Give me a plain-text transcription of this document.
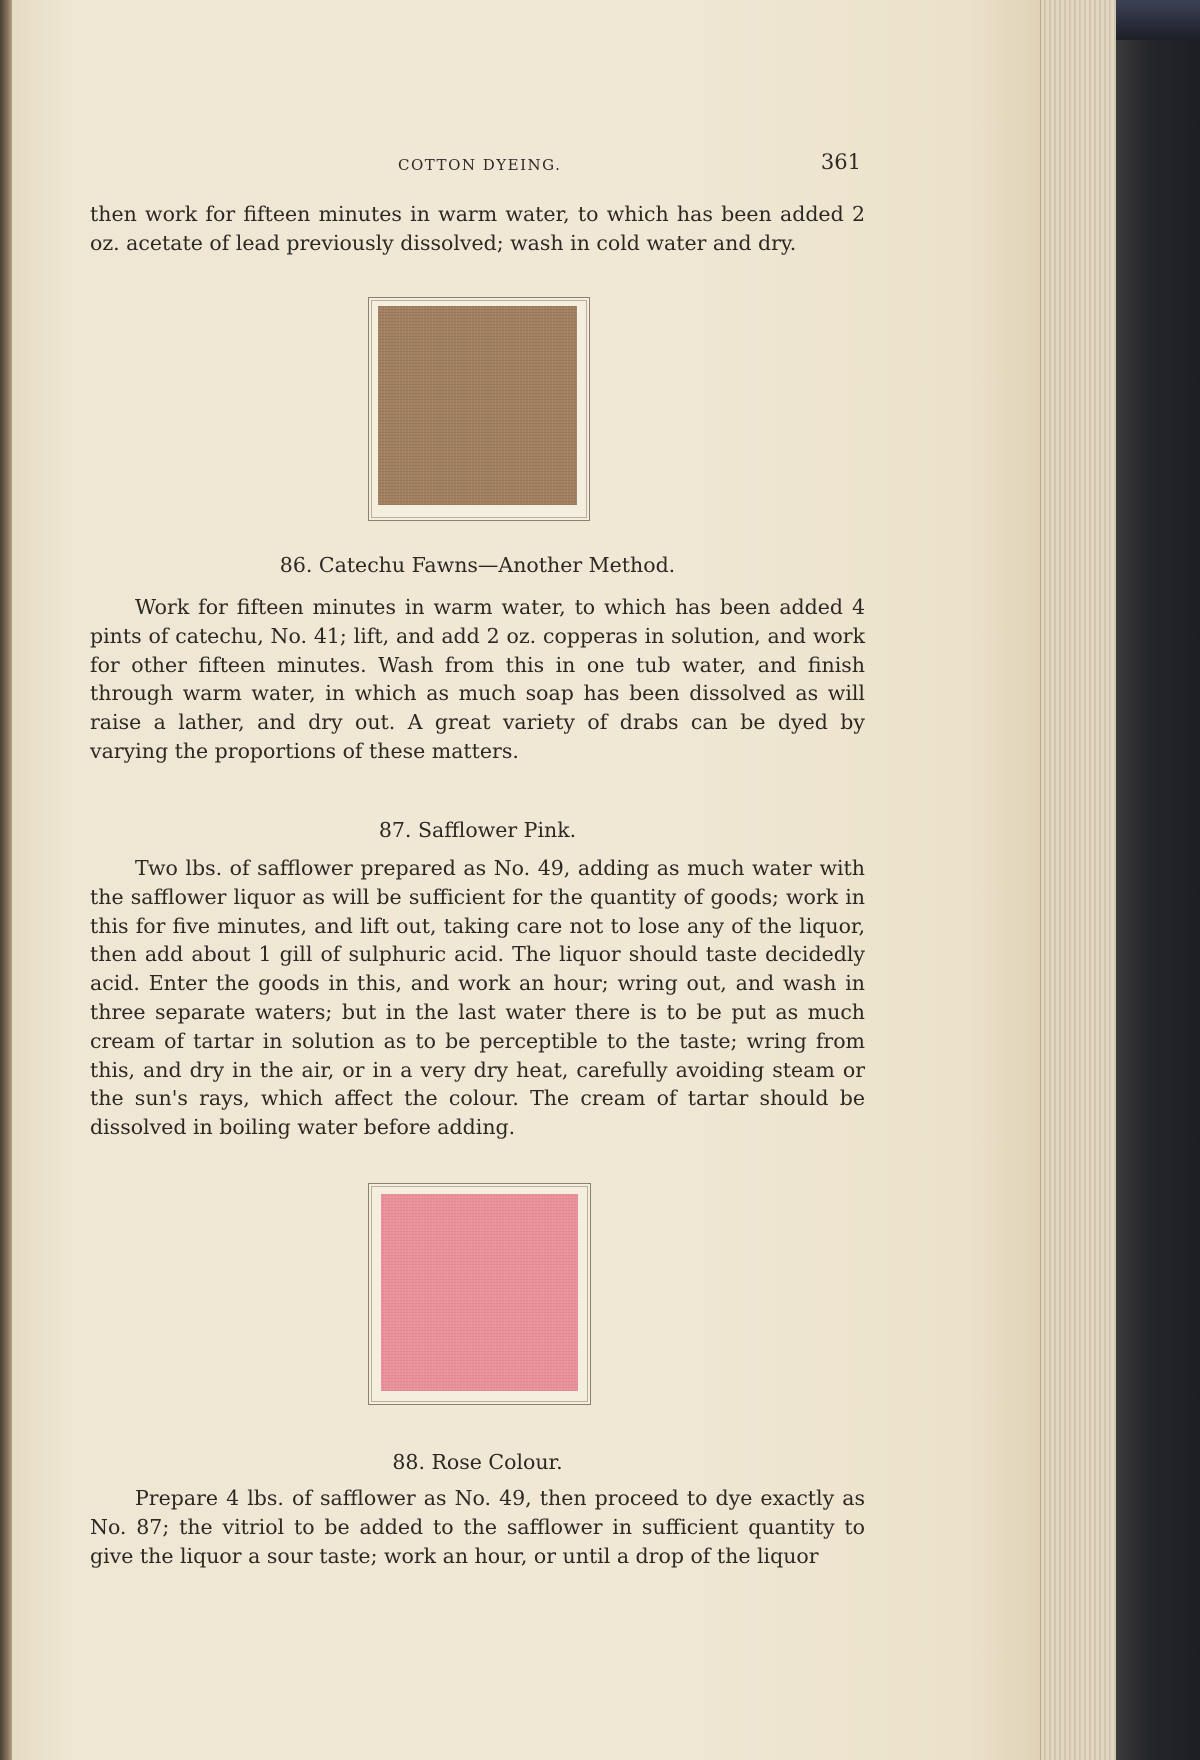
COTTON DYEING.	361

then work for fifteen minutes in warm water, to which has been added 2 oz. acetate of lead previously dissolved; wash in cold water and dry.

86. Catechu Fawns—Another Method.

Work for fifteen minutes in warm water, to which has been added 4 pints of catechu, No. 41; lift, and add 2 oz. copperas in solution, and work for other fifteen minutes. Wash from this in one tub water, and finish through warm water, in which as much soap has been dissolved as will raise a lather, and dry out. A great variety of drabs can be dyed by varying the proportions of these matters.

87. Safflower Pink.

Two lbs. of safflower prepared as No. 49, adding as much water with the safflower liquor as will be sufficient for the quantity of goods; work in this for five minutes, and lift out, taking care not to lose any of the liquor, then add about 1 gill of sulphuric acid. The liquor should taste decidedly acid. Enter the goods in this, and work an hour; wring out, and wash in three separate waters; but in the last water there is to be put as much cream of tartar in solution as to be perceptible to the taste; wring from this, and dry in the air, or in a very dry heat, carefully avoiding steam or the sun's rays, which affect the colour. The cream of tartar should be dissolved in boiling water before adding.

88. Rose Colour.

Prepare 4 lbs. of safflower as No. 49, then proceed to dye exactly as No. 87; the vitriol to be added to the safflower in sufficient quantity to give the liquor a sour taste; work an hour, or until a drop of the liquor
